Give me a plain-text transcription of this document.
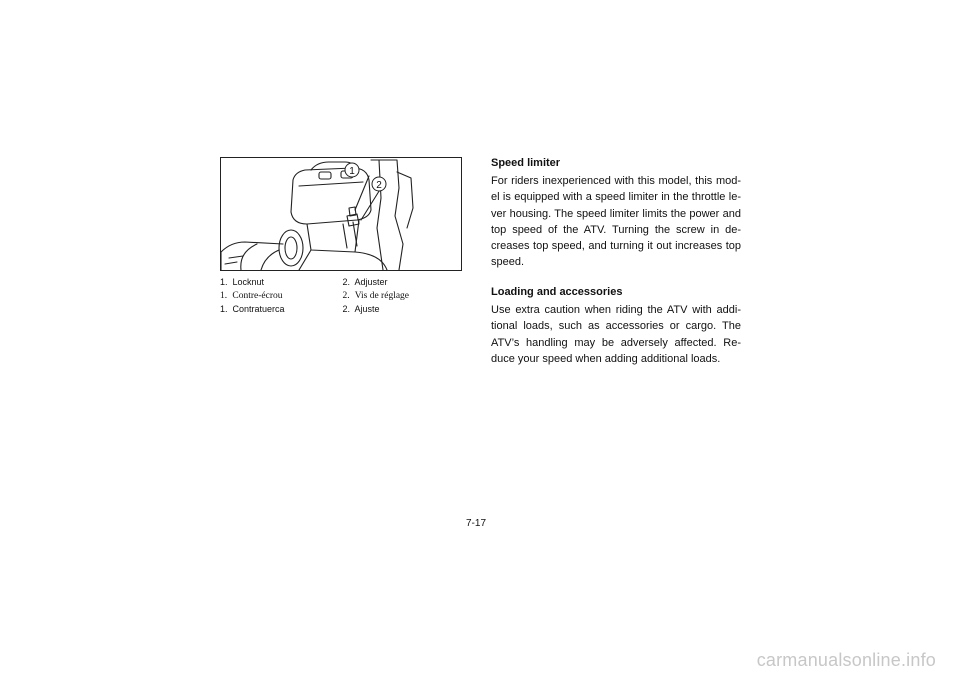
1
2
1. Locknut	2. Adjuster
1. Contre-écrou	2. Vis de réglage
1. Contratuerca	2. Ajuste
Speed limiter

For riders inexperienced with this model, this mod-el is equipped with a speed limiter in the throttle le-ver housing. The speed limiter limits the power and top speed of the ATV. Turning the screw in de-creases top speed, and turning it out increases top speed.

Loading and accessories

Use extra caution when riding the ATV with addi-tional loads, such as accessories or cargo. The ATV’s handling may be adversely affected. Re-duce your speed when adding additional loads.

7-17
carmanualsonline.info
